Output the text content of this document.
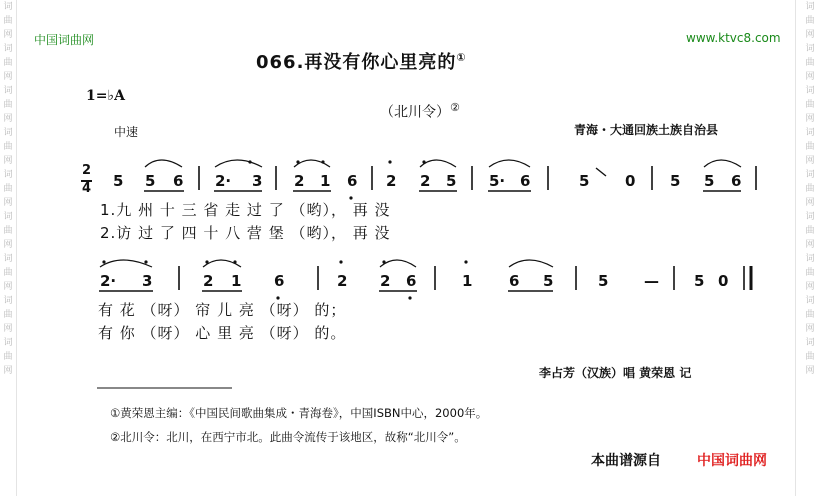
词曲网词曲网词曲网词曲网词曲网词曲网词曲网词曲网词曲网
词曲网词曲网词曲网词曲网词曲网词曲网词曲网词曲网词曲网
中国词曲网	www.ktvc8.com
066.再没有你心里亮的①
（北川令）②
1=♭A
中速	青海・大通回族土族自治县
2
4 5 5 6 2· 3 2 1 6 2 2 5 5· 6	5 0 5 5 6
1.九 州 十 三 省 走 过 了 （哟）， 再 没
2.访 过 了 四 十 八 营 堡 （哟）， 再 没
2· 3	2 1 6	2 2 6	1 6 5	5 — 5 0
有 花 （呀） 帘 儿 亮 （呀） 的；
有 你 （呀） 心 里 亮 （呀） 的。
李占芳（汉族）唱 黄荣恩 记
①黄荣恩主编：《中国民间歌曲集成・青海卷》，中国ISBN中心，2000年。
②北川令：北川，在西宁市北。此曲令流传于该地区，故称“北川令”。
本曲谱源自	中国词曲网
